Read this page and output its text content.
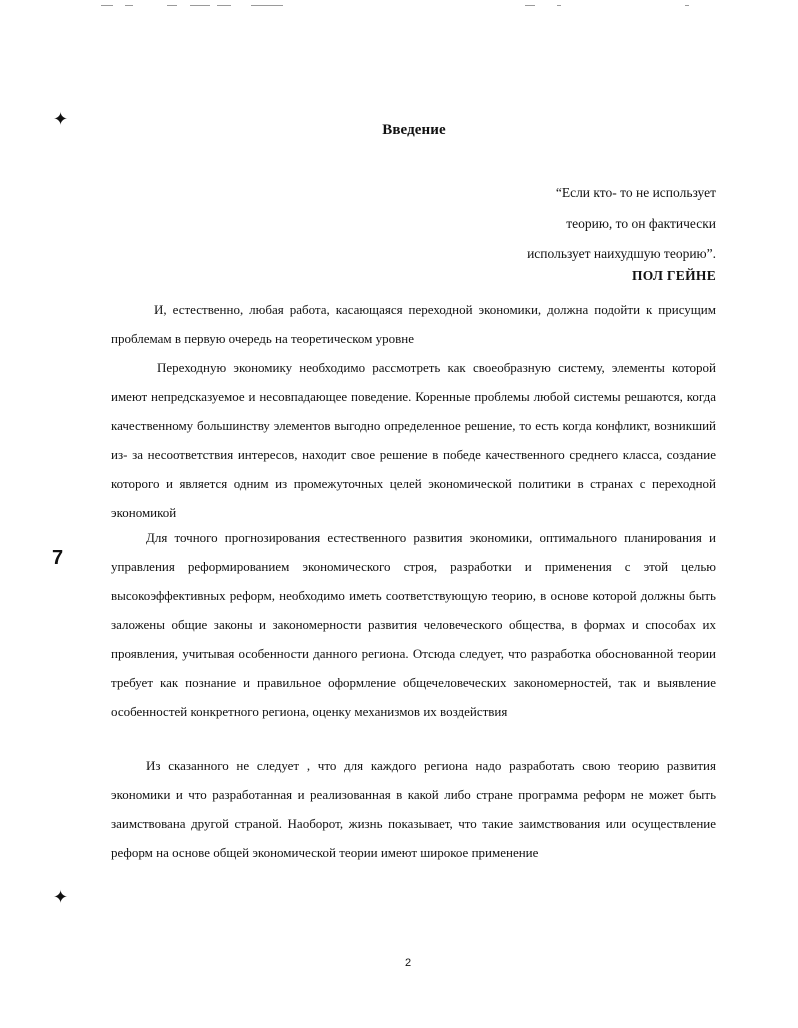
✦
7
✦
Введение
“Если кто- то не использует
теорию, то он фактически
использует наихудшую теорию”.
ПОЛ ГЕЙНЕ

И, естественно, любая работа, касающаяся переходной экономики, должна подойти к присущим проблемам в первую очередь на теоретическом уровне

Переходную экономику необходимо рассмотреть как своеобразную систему, элементы которой имеют непредсказуемое и несовпадающее поведение. Коренные проблемы любой системы решаются, когда качественному большинству элементов выгодно определенное решение, то есть когда конфликт, возникший из- за несоответствия интересов, находит свое решение в победе качественного среднего класса, создание которого и является одним из промежуточных целей экономической политики в странах с переходной экономикой

Для точного прогнозирования естественного развития экономики, оптимального планирования и управления реформированием экономического строя, разработки и применения с этой целью высокоэффективных реформ, необходимо иметь соответствующую теорию, в основе которой должны быть заложены общие законы и закономерности развития человеческого общества, в формах и способах их проявления, учитывая особенности данного региона. Отсюда следует, что разработка обоснованной теории требует как познание и правильное оформление общечеловеческих закономерностей, так и выявление особенностей конкретного региона, оценку механизмов их воздействия

Из сказанного не следует , что для каждого региона надо разработать свою теорию развития экономики и что разработанная и реализованная в какой либо стране программа реформ не может быть заимствована другой страной. Наоборот, жизнь показывает, что такие заимствования или осуществление реформ на основе общей экономической теории имеют широкое применение

2
